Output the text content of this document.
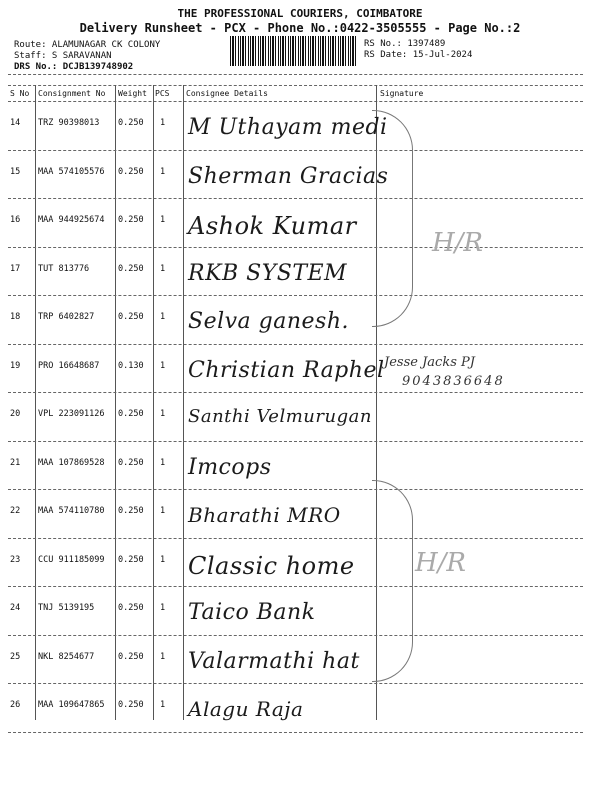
THE PROFESSIONAL COURIERS, COIMBATORE
Delivery Runsheet - PCX - Phone No.:0422-3505555 - Page No.:2
Route: ALAMUNAGAR CK COLONY
Staff: S SARAVANAN
DRS No.: DCJB139748902
RS No.: 1397489
RS Date: 15-Jul-2024
S No Consignment No Weight PCS Consignee Details	Signature
14 TRZ 90398013 0.250 1 M Uthayam medi
15 MAA 574105576 0.250 1 Sherman Gracias
16 MAA 944925674 0.250 1 Ashok Kumar
17 TUT 813776	0.250 1 RKB SYSTEM
18 TRP 6402827	0.250 1 Selva ganesh.
19 PRO 16648687 0.130 1 Christian Raphel
20 VPL 223091126 0.250 1 Santhi Velmurugan
21 MAA 107869528 0.250 1 Imcops
22 MAA 574110780 0.250 1 Bharathi MRO
23 CCU 911185099 0.250 1 Classic home
24 TNJ 5139195	0.250 1 Taico Bank
25 NKL 8254677	0.250 1 Valarmathi hat
26 MAA 109647865 0.250 1 Alagu Raja
H/R
H/R
Jesse Jacks PJ
9043836648
